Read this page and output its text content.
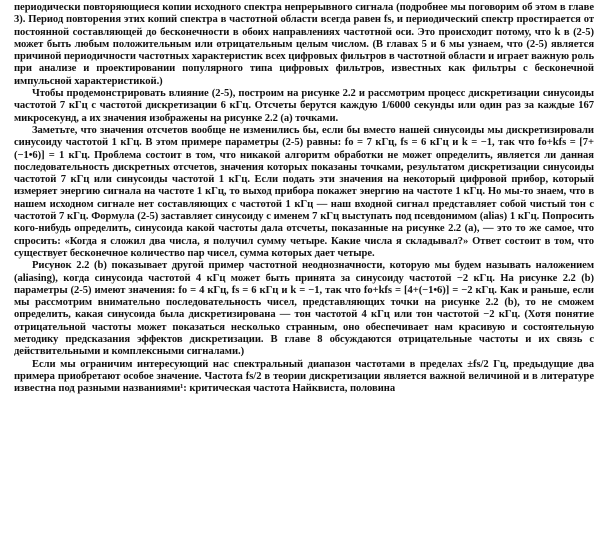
периодически повторяющиеся копии исходного спектра непрерывного сигнала (подробнее мы поговорим об этом в главе 3). Период повторения этих копий спектра в частотной области всегда равен fs, и периодический спектр простирается от постоянной составляющей до бесконечности в обоих направлениях частотной оси. Это происходит потому, что k в (2-5) может быть любым положительным или отрицательным целым числом. (В главах 5 и 6 мы узнаем, что (2-5) является причиной периодичности частотных характеристик всех цифровых фильтров в частотной области и играет важную роль при анализе и проектировании популярного типа цифровых фильтров, известных как фильтры с бесконечной импульсной характеристикой.)

Чтобы продемонстрировать влияние (2-5), построим на рисунке 2.2 и рассмотрим процесс дискретизации синусоиды частотой 7 кГц с частотой дискретизации 6 кГц. Отсчеты берутся каждую 1/6000 секунды или один раз за каждые 167 микросекунд, а их значения изображены на рисунке 2.2 (а) точками.

Заметьте, что значения отсчетов вообще не изменились бы, если бы вместо нашей синусоиды мы дискретизировали синусоиду частотой 1 кГц. В этом примере параметры (2-5) равны: fo = 7 кГц, fs = 6 кГц и k = −1, так что fo+kfs = [7+(−1•6)] = 1 кГц. Проблема состоит в том, что никакой алгоритм обработки не может определить, является ли данная последовательность дискретных отсчетов, значения которых показаны точками, результатом дискретизации синусоиды частотой 7 кГц или синусоиды частотой 1 кГц. Если подать эти значения на некоторый цифровой прибор, который измеряет энергию сигнала на частоте 1 кГц, то выход прибора покажет энергию на частоте 1 кГц. Но мы-то знаем, что в нашем исходном сигнале нет составляющих с частотой 1 кГц — наш входной сигнал представляет собой чистый тон с частотой 7 кГц. Формула (2-5) заставляет синусоиду с именем 7 кГц выступать под псевдонимом (alias) 1 кГц. Попросить кого-нибудь определить, синусоида какой частоты дала отсчеты, показанные на рисунке 2.2 (а), — это то же самое, что спросить: «Когда я сложил два числа, я получил сумму четыре. Какие числа я складывал?» Ответ состоит в том, что существует бесконечное количество пар чисел, сумма которых дает четыре.

Рисунок 2.2 (b) показывает другой пример частотной неоднозначности, которую мы будем называть наложением (aliasing), когда синусоида частотой 4 кГц может быть принята за синусоиду частотой −2 кГц. На рисунке 2.2 (b) параметры (2-5) имеют значения: fo = 4 кГц, fs = 6 кГц и k = −1, так что fo+kfs = [4+(−1•6)] = −2 кГц. Как и раньше, если мы рассмотрим внимательно последовательность чисел, представляющих точки на рисунке 2.2 (b), то не сможем определить, какая синусоида была дискретизирована — тон частотой 4 кГц или тон частотой −2 кГц. (Хотя понятие отрицательной частоты может показаться несколько странным, оно обеспечивает нам красивую и состоятельную методику предсказания эффектов дискретизации. В главе 8 обсуждаются отрицательные частоты и их связь с действительными и комплексными сигналами.)

Если мы ограничим интересующий нас спектральный диапазон частотами в пределах ±fs/2 Гц, предыдущие два примера приобретают особое значение. Частота fs/2 в теории дискретизации является важной величиной и в литературе известна под разными названиями¹: критическая частота Найквиста, половина
